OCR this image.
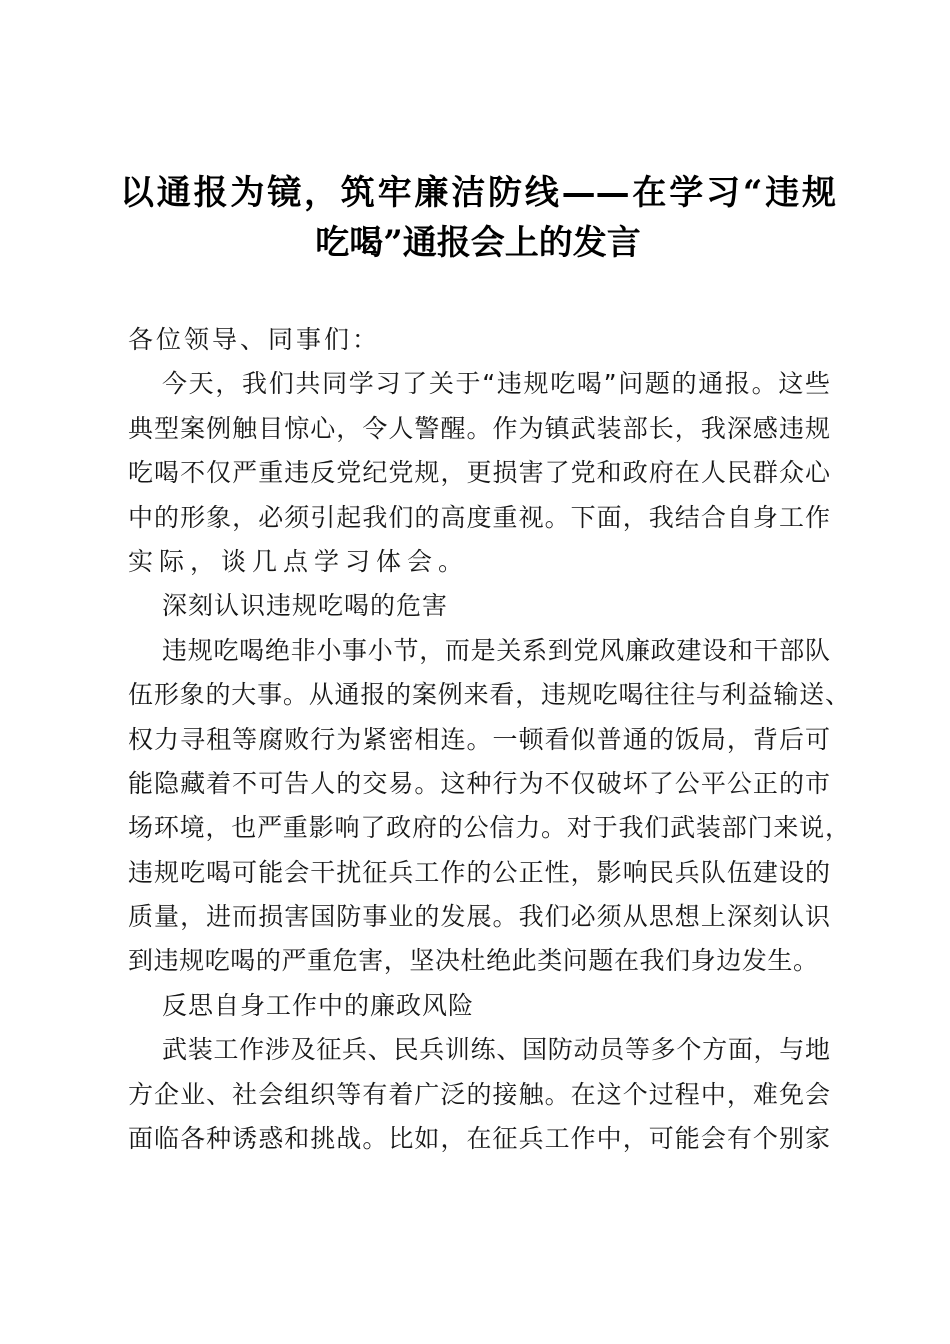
以通报为镜，筑牢廉洁防线——在学习“违规
吃喝”通报会上的发言
各位领导、同事们：
今天，我们共同学习了关于“违规吃喝”问题的通报。这些
典型案例触目惊心，令人警醒。作为镇武装部长，我深感违规
吃喝不仅严重违反党纪党规，更损害了党和政府在人民群众心
中的形象，必须引起我们的高度重视。下面，我结合自身工作
实际，谈几点学习体会。
深刻认识违规吃喝的危害
违规吃喝绝非小事小节，而是关系到党风廉政建设和干部队
伍形象的大事。从通报的案例来看，违规吃喝往往与利益输送、
权力寻租等腐败行为紧密相连。一顿看似普通的饭局，背后可
能隐藏着不可告人的交易。这种行为不仅破坏了公平公正的市
场环境，也严重影响了政府的公信力。对于我们武装部门来说，
违规吃喝可能会干扰征兵工作的公正性，影响民兵队伍建设的
质量，进而损害国防事业的发展。我们必须从思想上深刻认识
到违规吃喝的严重危害，坚决杜绝此类问题在我们身边发生。
反思自身工作中的廉政风险
武装工作涉及征兵、民兵训练、国防动员等多个方面，与地
方企业、社会组织等有着广泛的接触。在这个过程中，难免会
面临各种诱惑和挑战。比如，在征兵工作中，可能会有个别家
